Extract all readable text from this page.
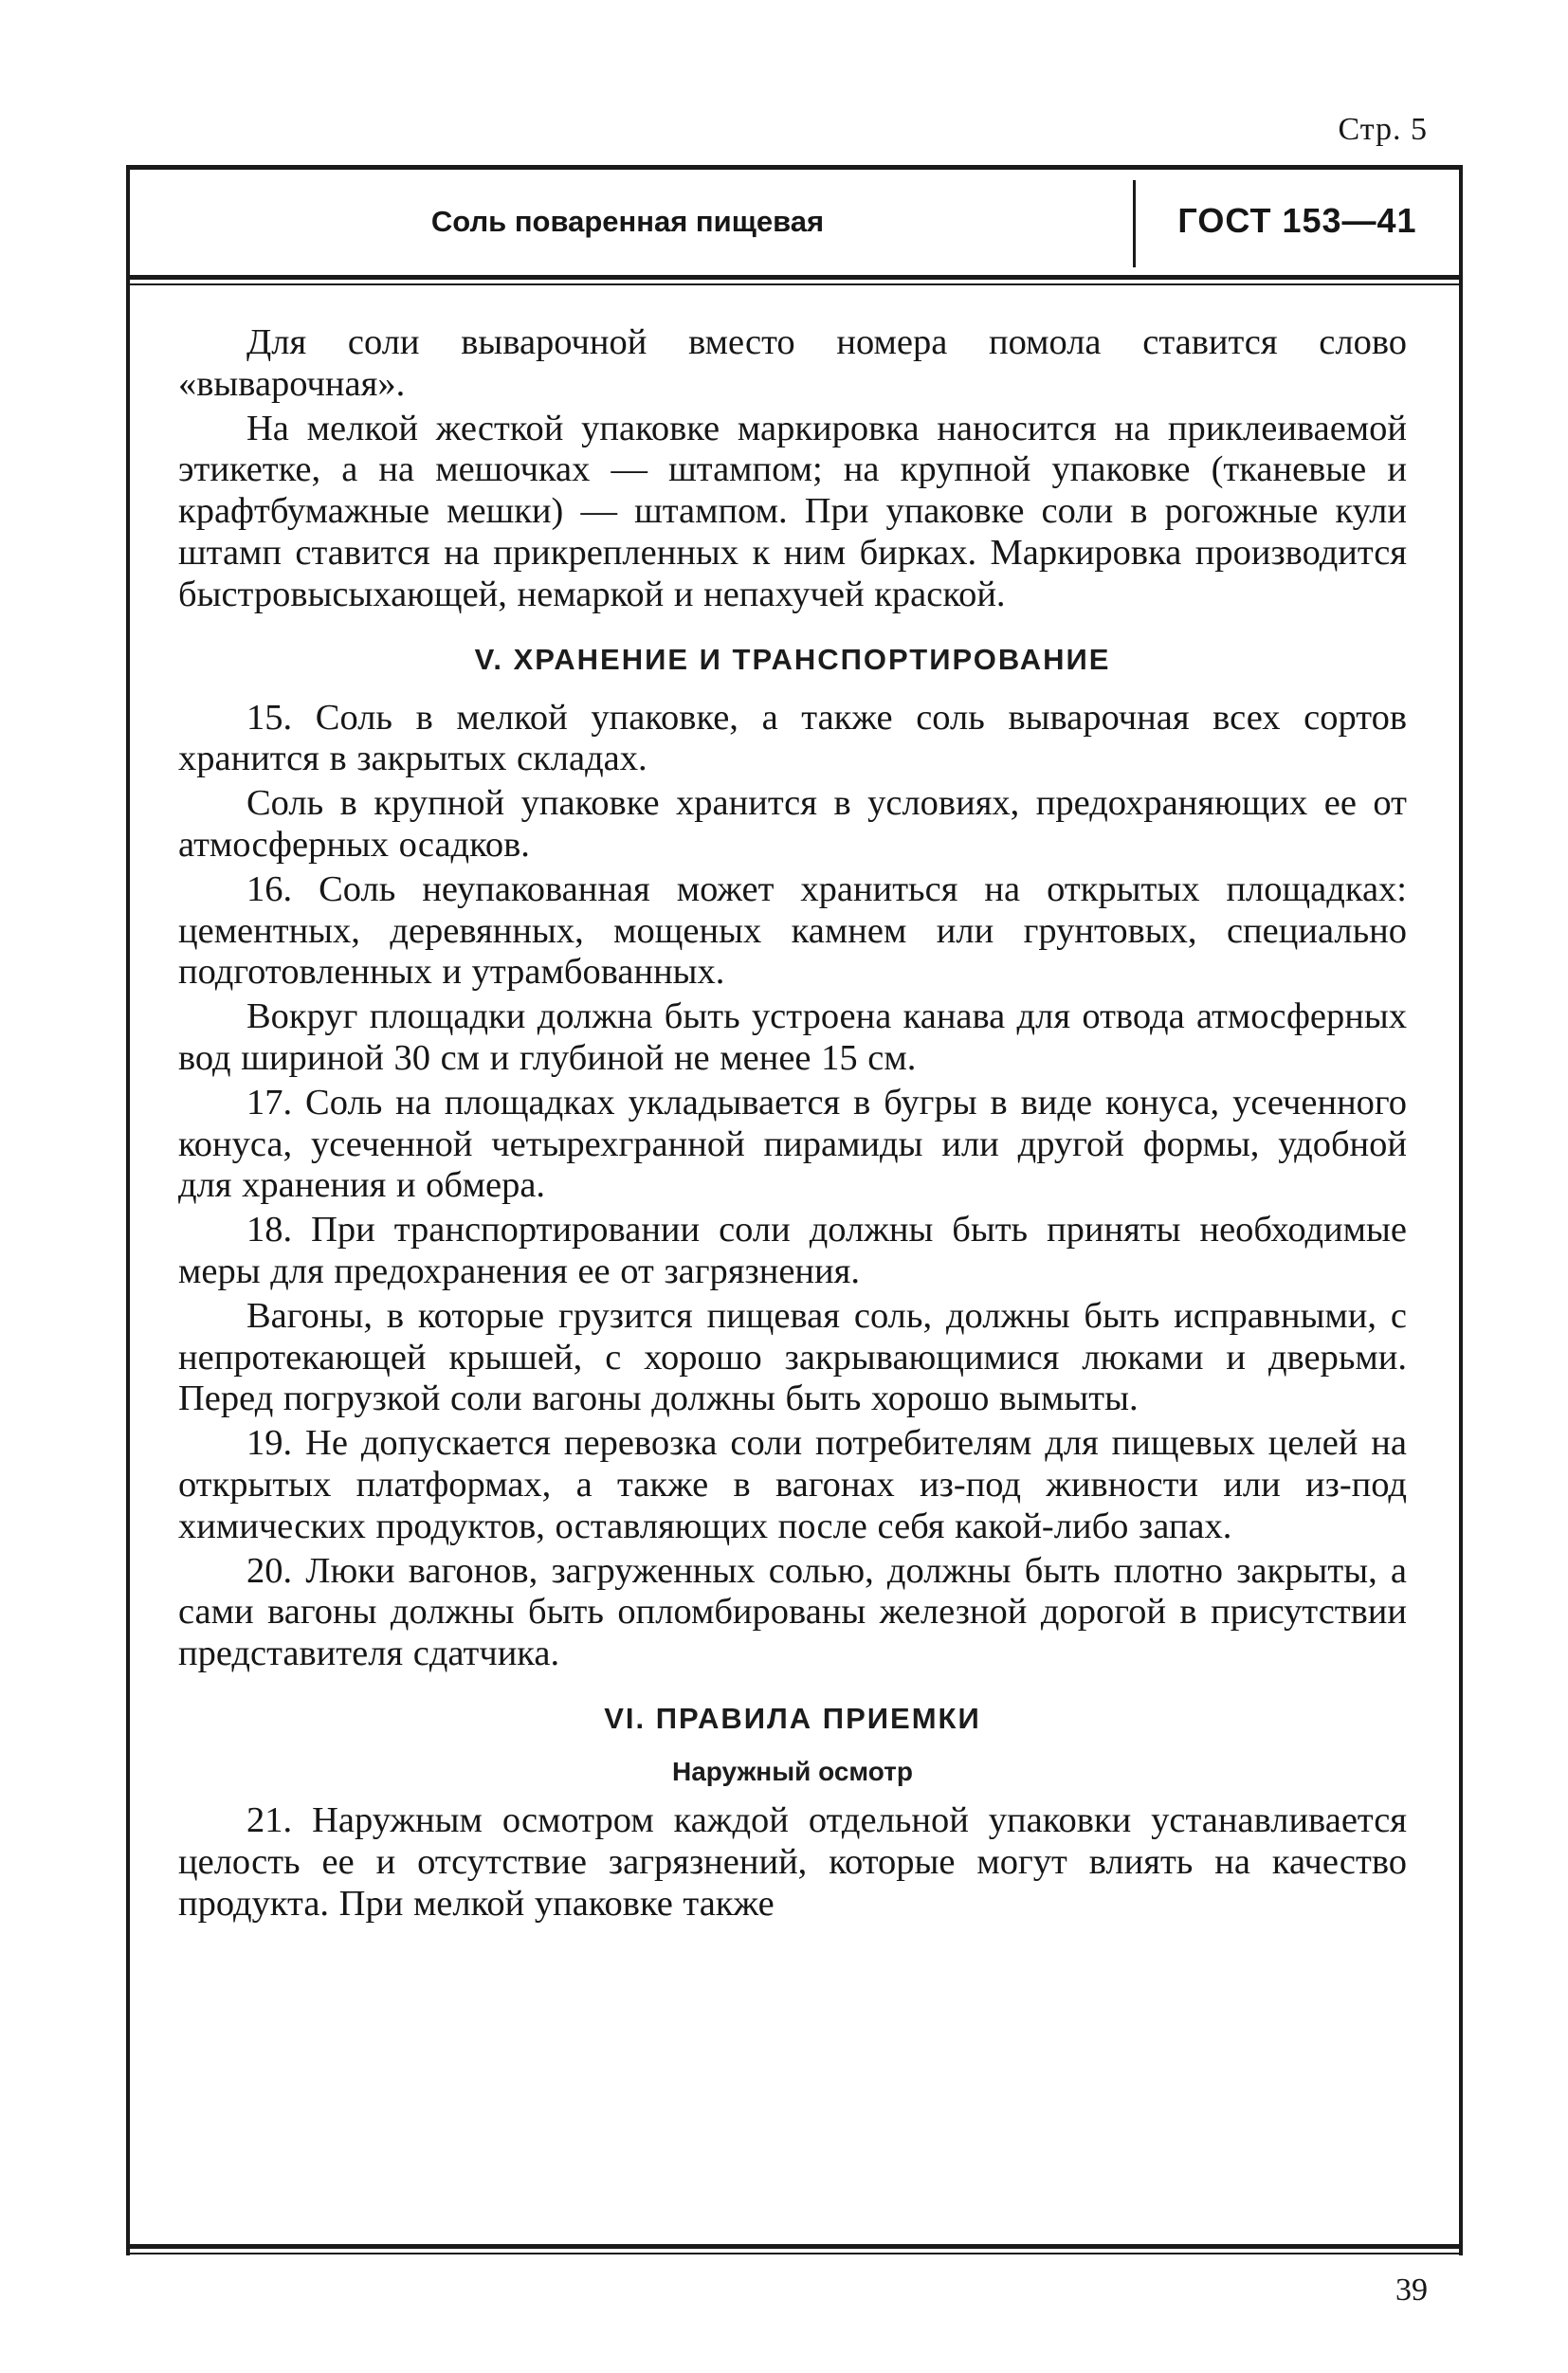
Стр. 5
Соль поваренная пищевая	ГОСТ 153—41

Для соли выварочной вместо номера помола ставится слово «выварочная».

На мелкой жесткой упаковке маркировка наносится на приклеиваемой этикетке, а на мешочках — штампом; на крупной упаковке (тканевые и крафтбумажные мешки) — штампом. При упаковке соли в рогожные кули штамп ставится на прикрепленных к ним бирках. Маркировка производится быстровысыхающей, немаркой и непахучей краской.

V. ХРАНЕНИЕ И ТРАНСПОРТИРОВАНИЕ

15. Соль в мелкой упаковке, а также соль выварочная всех сортов хранится в закрытых складах.

Соль в крупной упаковке хранится в условиях, предохраняющих ее от атмосферных осадков.

16. Соль неупакованная может храниться на открытых площадках: цементных, деревянных, мощеных камнем или грунтовых, специально подготовленных и утрамбованных.

Вокруг площадки должна быть устроена канава для отвода атмосферных вод шириной 30 см и глубиной не менее 15 см.

17. Соль на площадках укладывается в бугры в виде конуса, усеченного конуса, усеченной четырехгранной пирамиды или другой формы, удобной для хранения и обмера.

18. При транспортировании соли должны быть приняты необходимые меры для предохранения ее от загрязнения.

Вагоны, в которые грузится пищевая соль, должны быть исправными, с непротекающей крышей, с хорошо закрывающимися люками и дверьми. Перед погрузкой соли вагоны должны быть хорошо вымыты.

19. Не допускается перевозка соли потребителям для пищевых целей на открытых платформах, а также в вагонах из-под живности или из-под химических продуктов, оставляющих после себя какой-либо запах.

20. Люки вагонов, загруженных солью, должны быть плотно закрыты, а сами вагоны должны быть опломбированы железной дорогой в присутствии представителя сдатчика.

VI. ПРАВИЛА ПРИЕМКИ
Наружный осмотр

21. Наружным осмотром каждой отдельной упаковки устанавливается целость ее и отсутствие загрязнений, которые могут влиять на качество продукта. При мелкой упаковке также

39
